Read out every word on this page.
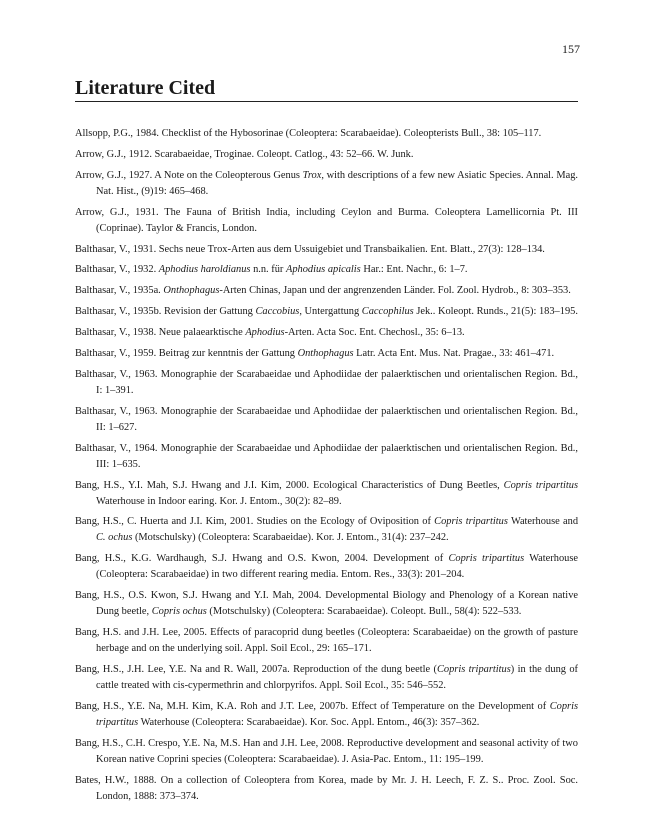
157
Literature Cited
Allsopp, P.G., 1984. Checklist of the Hybosorinae (Coleoptera: Scarabaeidae). Coleopterists Bull., 38: 105–117.
Arrow, G.J., 1912. Scarabaeidae, Troginae. Coleopt. Catlog., 43: 52–66. W. Junk.
Arrow, G.J., 1927. A Note on the Coleopterous Genus Trox, with descriptions of a few new Asiatic Species. Annal. Mag. Nat. Hist., (9)19: 465–468.
Arrow, G.J., 1931. The Fauna of British India, including Ceylon and Burma. Coleoptera Lamellicornia Pt. III (Coprinae). Taylor & Francis, London.
Balthasar, V., 1931. Sechs neue Trox-Arten aus dem Ussuigebiet und Transbaikalien. Ent. Blatt., 27(3): 128–134.
Balthasar, V., 1932. Aphodius haroldianus n.n. für Aphodius apicalis Har.: Ent. Nachr., 6: 1–7.
Balthasar, V., 1935a. Onthophagus-Arten Chinas, Japan und der angrenzenden Länder. Fol. Zool. Hydrob., 8: 303–353.
Balthasar, V., 1935b. Revision der Gattung Caccobius, Untergattung Caccophilus Jek.. Koleopt. Runds., 21(5): 183–195.
Balthasar, V., 1938. Neue palaearktische Aphodius-Arten. Acta Soc. Ent. Chechosl., 35: 6–13.
Balthasar, V., 1959. Beitrag zur kenntnis der Gattung Onthophagus Latr. Acta Ent. Mus. Nat. Pragae., 33: 461–471.
Balthasar, V., 1963. Monographie der Scarabaeidae und Aphodiidae der palaerktischen und orientalischen Region. Bd., I: 1–391.
Balthasar, V., 1963. Monographie der Scarabaeidae und Aphodiidae der palaerktischen und orientalischen Region. Bd., II: 1–627.
Balthasar, V., 1964. Monographie der Scarabaeidae und Aphodiidae der palaerktischen und orientalischen Region. Bd., III: 1–635.
Bang, H.S., Y.I. Mah, S.J. Hwang and J.I. Kim, 2000. Ecological Characteristics of Dung Beetles, Copris tripartitus Waterhouse in Indoor earing. Kor. J. Entom., 30(2): 82–89.
Bang, H.S., C. Huerta and J.I. Kim, 2001. Studies on the Ecology of Oviposition of Copris tripartitus Waterhouse and C. ochus (Motschulsky) (Coleoptera: Scarabaeidae). Kor. J. Entom., 31(4): 237–242.
Bang, H.S., K.G. Wardhaugh, S.J. Hwang and O.S. Kwon, 2004. Development of Copris tripartitus Waterhouse (Coleoptera: Scarabaeidae) in two different rearing media. Entom. Res., 33(3): 201–204.
Bang, H.S., O.S. Kwon, S.J. Hwang and Y.I. Mah, 2004. Developmental Biology and Phenology of a Korean native Dung beetle, Copris ochus (Motschulsky) (Coleoptera: Scarabaeidae). Coleopt. Bull., 58(4): 522–533.
Bang, H.S. and J.H. Lee, 2005. Effects of paracoprid dung beetles (Coleoptera: Scarabaeidae) on the growth of pasture herbage and on the underlying soil. Appl. Soil Ecol., 29: 165–171.
Bang, H.S., J.H. Lee, Y.E. Na and R. Wall, 2007a. Reproduction of the dung beetle (Copris tripartitus) in the dung of cattle treated with cis-cypermethrin and chlorpyrifos. Appl. Soil Ecol., 35: 546–552.
Bang, H.S., Y.E. Na, M.H. Kim, K.A. Roh and J.T. Lee, 2007b. Effect of Temperature on the Development of Copris tripartitus Waterhouse (Coleoptera: Scarabaeidae). Kor. Soc. Appl. Entom., 46(3): 357–362.
Bang, H.S., C.H. Crespo, Y.E. Na, M.S. Han and J.H. Lee, 2008. Reproductive development and seasonal activity of two Korean native Coprini species (Coleoptera: Scarabaeidae). J. Asia-Pac. Entom., 11: 195–199.
Bates, H.W., 1888. On a collection of Coleoptera from Korea, made by Mr. J. H. Leech, F. Z. S.. Proc. Zool. Soc. London, 1888: 373–374.
